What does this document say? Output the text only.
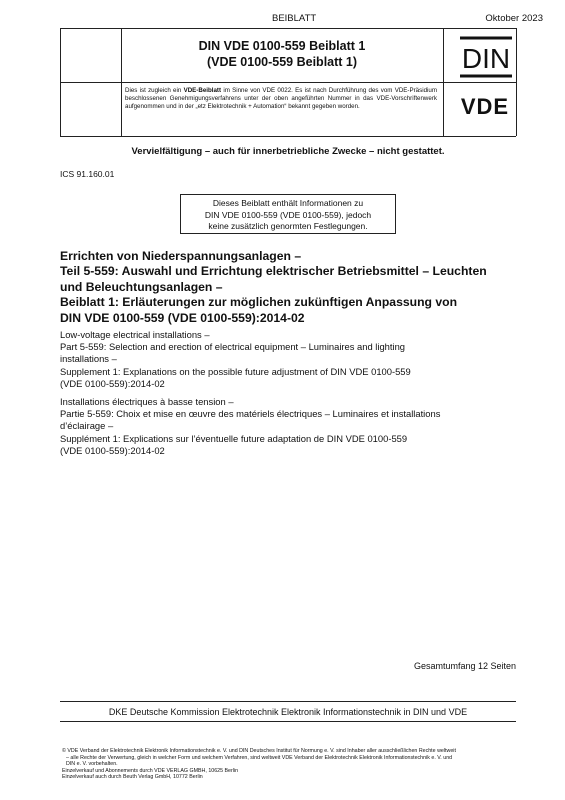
BEIBLATT	Oktober 2023
DIN VDE 0100-559 Beiblatt 1
(VDE 0100-559 Beiblatt 1)	DIN
Dies ist zugleich ein VDE-Beiblatt im Sinne von VDE 0022. Es ist nach Durchführung des vom VDE-Präsidium beschlossenen Genehmigungsverfahrens unter der oben angeführten Nummer in das VDE-Vorschriftenwerk aufgenommen und in der „etz Elektrotechnik + Automation“ bekannt gegeben worden.	VDE
Vervielfältigung – auch für innerbetriebliche Zwecke – nicht gestattet.
ICS 91.160.01
Dieses Beiblatt enthält Informationen zu
DIN VDE 0100-559 (VDE 0100-559), jedoch
keine zusätzlich genormten Festlegungen.
Errichten von Niederspannungsanlagen –
Teil 5-559: Auswahl und Errichtung elektrischer Betriebsmittel – Leuchten
und Beleuchtungsanlagen –
Beiblatt 1: Erläuterungen zur möglichen zukünftigen Anpassung von
DIN VDE 0100-559 (VDE 0100-559):2014-02
Low-voltage electrical installations –
Part 5-559: Selection and erection of electrical equipment – Luminaires and lighting
installations –
Supplement 1: Explanations on the possible future adjustment of DIN VDE 0100-559
(VDE 0100-559):2014-02
Installations électriques à basse tension –
Partie 5-559: Choix et mise en œuvre des matériels électriques – Luminaires et installations
d’éclairage –
Supplément 1: Explications sur l’éventuelle future adaptation de DIN VDE 0100-559
(VDE 0100-559):2014-02
Gesamtumfang 12 Seiten
DKE Deutsche Kommission Elektrotechnik Elektronik Informationstechnik in DIN und VDE
© VDE Verband der Elektrotechnik Elektronik Informationstechnik e. V. und DIN Deutsches Institut für Normung e. V. sind Inhaber aller ausschließlichen Rechte weltweit
– alle Rechte der Verwertung, gleich in welcher Form und welchem Verfahren, sind weltweit VDE Verband der Elektrotechnik Elektronik Informationstechnik e. V. und
DIN e. V. vorbehalten.
Einzelverkauf und Abonnements durch VDE VERLAG GMBH, 10625 Berlin
Einzelverkauf auch durch Beuth Verlag GmbH, 10772 Berlin
